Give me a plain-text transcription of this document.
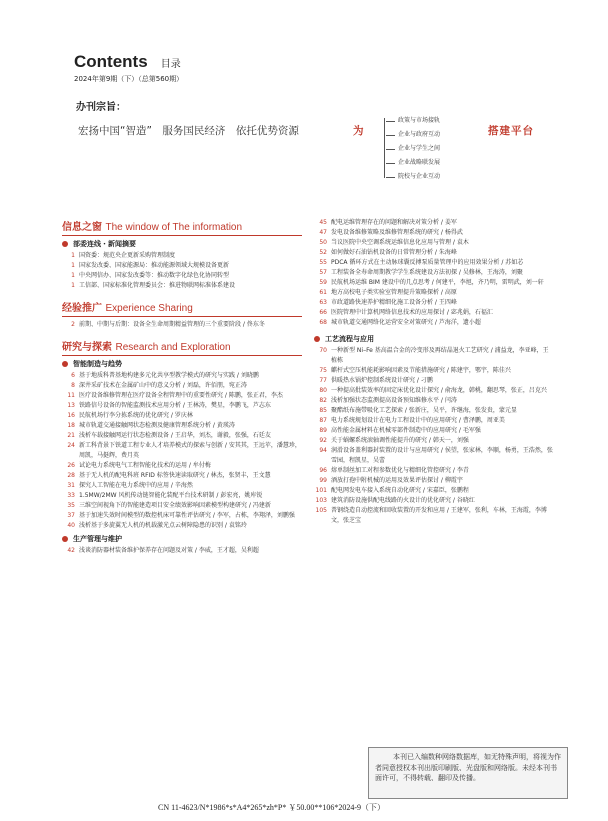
Contents 目录
2024年第9期（下）（总第560期）
办刊宗旨：
宏扬中国“智造”　服务国民经济　依托优势资源	为	搭建平台
政策与市场接轨
企业与政府互动
企业与学生之间
企业战略联发展
院校与企业互动
信息之窗 The window of The information
部委连线・新闻摘要
1 国资委：规范央企更新采购管理制度
1 国家发改委、国家能源局：推动能源领域大规模设备更新
1 中央网信办、国家发改委等：推动数字化绿色化协同转型
1 工信部、国家标准化管理委员会：推进物联网标准体系建设
经验推广 Experience Sharing
2 前期、中期与后期：设备全生命周期精益管理的三个重要阶段 / 佟东冬
研究与探索 Research and Exploration
智能制造与趋势
6 基于地质科普基地构建多元化共享型教学模式的研究与实践 / 刘晓鹏
8 深井采矿技术在金属矿山中的意义分析 / 刘磊，许佰朋，宛正涛
11 医疗设备维修管理在医疗设备全程管理中的重要性研究 / 陈鹏，张正君，李杰
13 铁路信号设备的智能监测技术应用分析 / 王林涛，樊星，李鹏飞，芦志东
16 民航机场行李分拣系统的优化研究 / 罗庆林
18 城市轨道交通接触网状态检测及健康管理系统分析 / 黄瑛涛
21 浅析车载接触网运行状态检测设备 / 王启华，刘杰，谢毅，张强，石廷友
24 新工科背景下铁道工程专业人才培养模式的探索与创新 / 安其其，王远苹，潘慧珍，周凯，马挺辉，费月英
26 试论电力系统电气工程智能化技术的运用 / 牟付梅
28 基于无人机的配电科班 RFID 标签快速读取研究 / 林杰，张贤丰，王文慧
31 探究人工智能在电力系统中的应用 / 辛海然
33 1.5MW/2MW 风机传动链智能化装配平台技术研制 / 彭宏亮，姚库锐
35 三维空间视角下的智能建造项目安全绩效影响因素模型构建研究 / 冯建新
37 基于加速失效时间模型的数控机床可靠性评估研究 / 李军，占栋，李翔泽，刘鹏强
40 浅析基于多旋翼无人机的机载激光点云树障隐患的识别 / 袁铭玲
生产管理与维护
42 浅谈消防器材装备维护保养存在问题及对策 / 李威，王才超，吴利超
45 配电运维管理存在的问题和解决对策分析 / 姜军
47 发电设备维修策略及维修管理系统的研究 / 杨得武
50 当议医院中央空调系统运维信息化应用与管理 / 袁木
52 如何做好石油钻机设备的日常管理分析 / 朱海峰
55 PDCA 循环方式在主动脉球囊反搏泵质量管理中的应用效果分析 / 苏如芯
57 工程装备全寿命周期教学学生系统建设方法初探 / 吴修林，王海涛，刘聚
59 民航机场运维 BIM 建设中的几点思考 / 何建平，李旭，齐乃明，雷明武，刘一轩
61 地方高校电子类实验室管理提升策略探析 / 高原
63 市政道路快速养护精细化施工设备分析 / 王四峰
66 医院管理中计算机网络信息技术的应用探讨 / 宓兆娟，石福汇
68 城市轨道交通网络化运营安全对策研究 / 芦海洋，遗小超
工艺流程与应用
70 一种新型 Ni–Fe 基高温合金的冷变形及再结晶退火工艺研究 / 浦益龙，李亚峰，王植栋
75 麒杆式空压机能耗影响因素及节能措施研究 / 陈建宇，鄂宇，陈佳兴
77 供暖热水锅炉控制系统设计研究 / 刁鹏
80 一种提高批装效率的固定床优化设计探究 / 俞海龙，韩桃，翻思琴，张正，吕克兴
82 浅析加强状态监测提高设备预知维修水平 / 闫涛
85 聚酯纸布施带吸化工艺探索 / 张新庄，吴平，许继海，张发贵，蒙元显
87 电力系统规划设计在电力工程设计中的应用研究 / 曹泽鹏，周亚美
89 高性能金属材料在机械零部件制造中的应用研究 / 毛军强
92 关于蜗螺系统滚轴调性能提升的研究 / 韩天一，刘强
94 润滑设备盖利器封装置的设计与应用研究 / 侯望，张家林，李顺，杨勇，王浩然，张雪园，程凯星，吴蕾
96 熔单制丝加工对程参数优化与精细化管控研究 / 李青
99 酒放打孢中附机械的运用及效果评估探讨 / 柳霞宇
101 配电网发电车接入系统自动化研究 / 宋嘉臣，张鹏程
103 建筑消防设施供配电线路的火设计的优化研究 / 谷晓红
105 普钢绕造自动控流和回收装置的开发和应用 / 王建军，张利，车林，王海霞，李博文，张芝宝
本刊已入编数种网络数据库，如无特殊声明，将视为作者同意授权本刊出版印刷版、光盘版和网络版。未经本刊书面许可，不得转载、翻印及传播。
CN 11-4623/N*1986*s*A4*265*zh*P* ￥50.00**106*2024-9（下）
